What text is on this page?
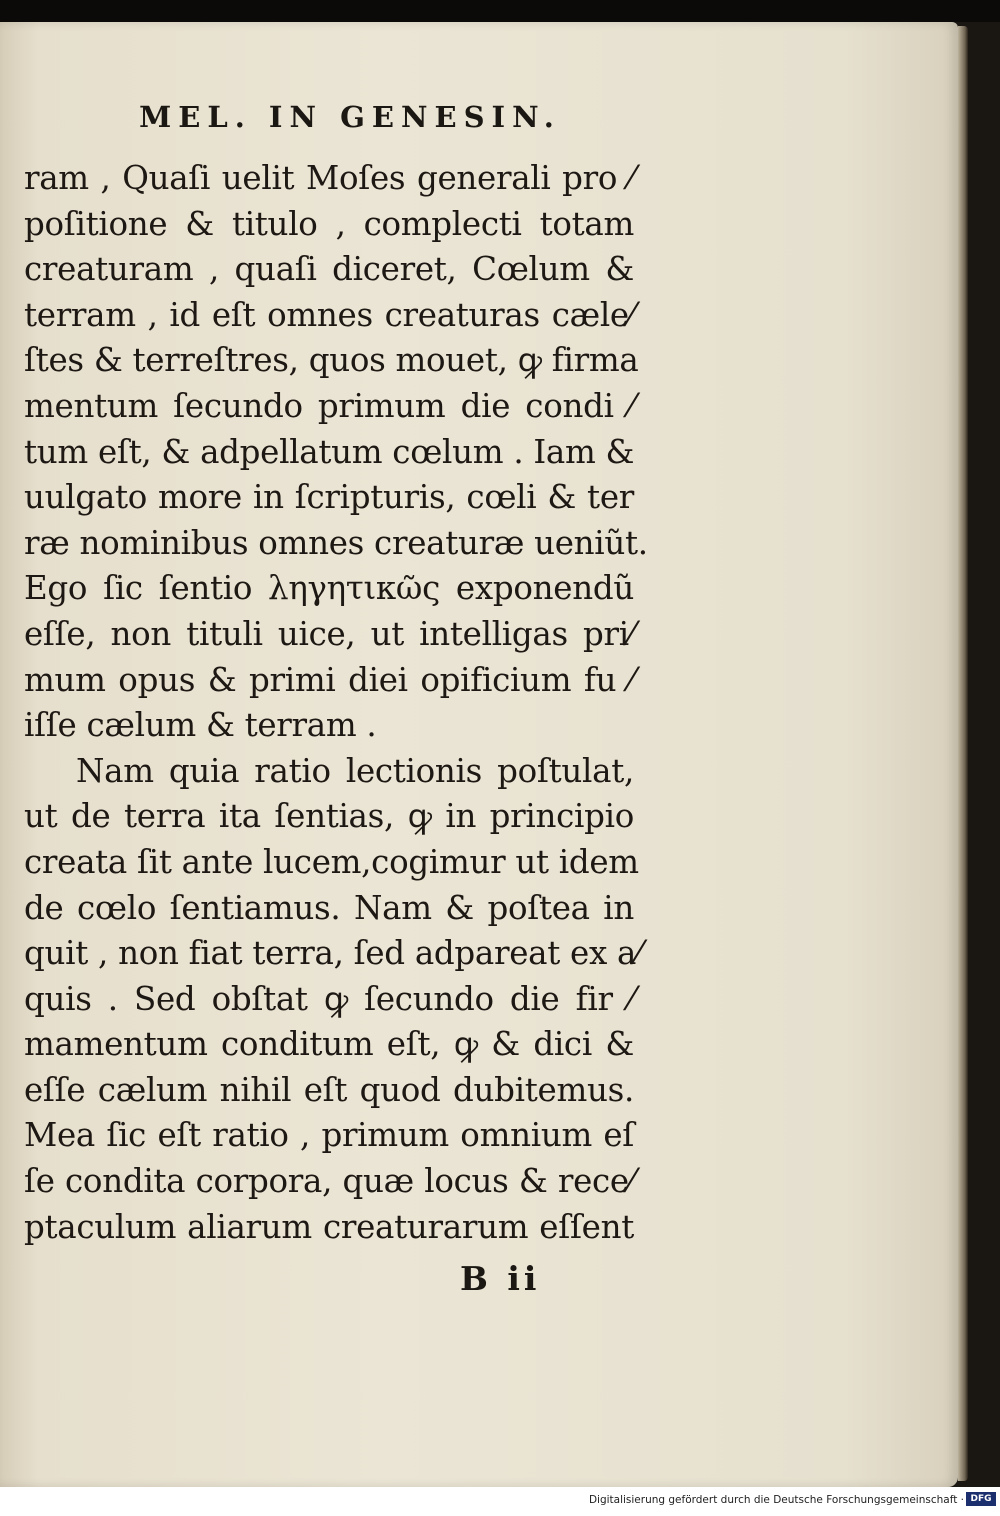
MEL. IN GENESIN.
ram , Quaſi uelit Moſes generali pro ⁄
poſitione & titulo , complecti totam
creaturam , quaſi diceret, Cœlum &
terram , id eſt omnes creaturas cæle⁄
ſtes & terreſtres, quos mouet, ꝙ firma
mentum ſecundo primum die condi ⁄
tum eſt, & adpellatum cœlum . Iam &
uulgato more in ſcripturis, cœli & ter
ræ nominibus omnes creaturæ ueniũt.
Ego ſic ſentio ληγητικῶς exponendũ
eſſe, non tituli uice, ut intelligas pri⁄
mum opus & primi diei opificium fu ⁄
iſſe cælum & terram .
Nam quia ratio lectionis poſtulat,
ut de terra ita ſentias, ꝙ in principio
creata ſit ante lucem,cogimur ut idem
de cœlo ſentiamus. Nam & poſtea in
quit , non fiat terra, ſed adpareat ex a⁄
quis . Sed obſtat ꝙ ſecundo die fir ⁄
mamentum conditum eſt, ꝙ & dici &
eſſe cælum nihil eſt quod dubitemus.
Mea ſic eſt ratio , primum omnium eſ
ſe condita corpora, quæ locus & rece⁄
ptaculum aliarum creaturarum eſſent
B ii
Digitalisierung gefördert durch die Deutsche Forschungsgemeinschaft · DFG
